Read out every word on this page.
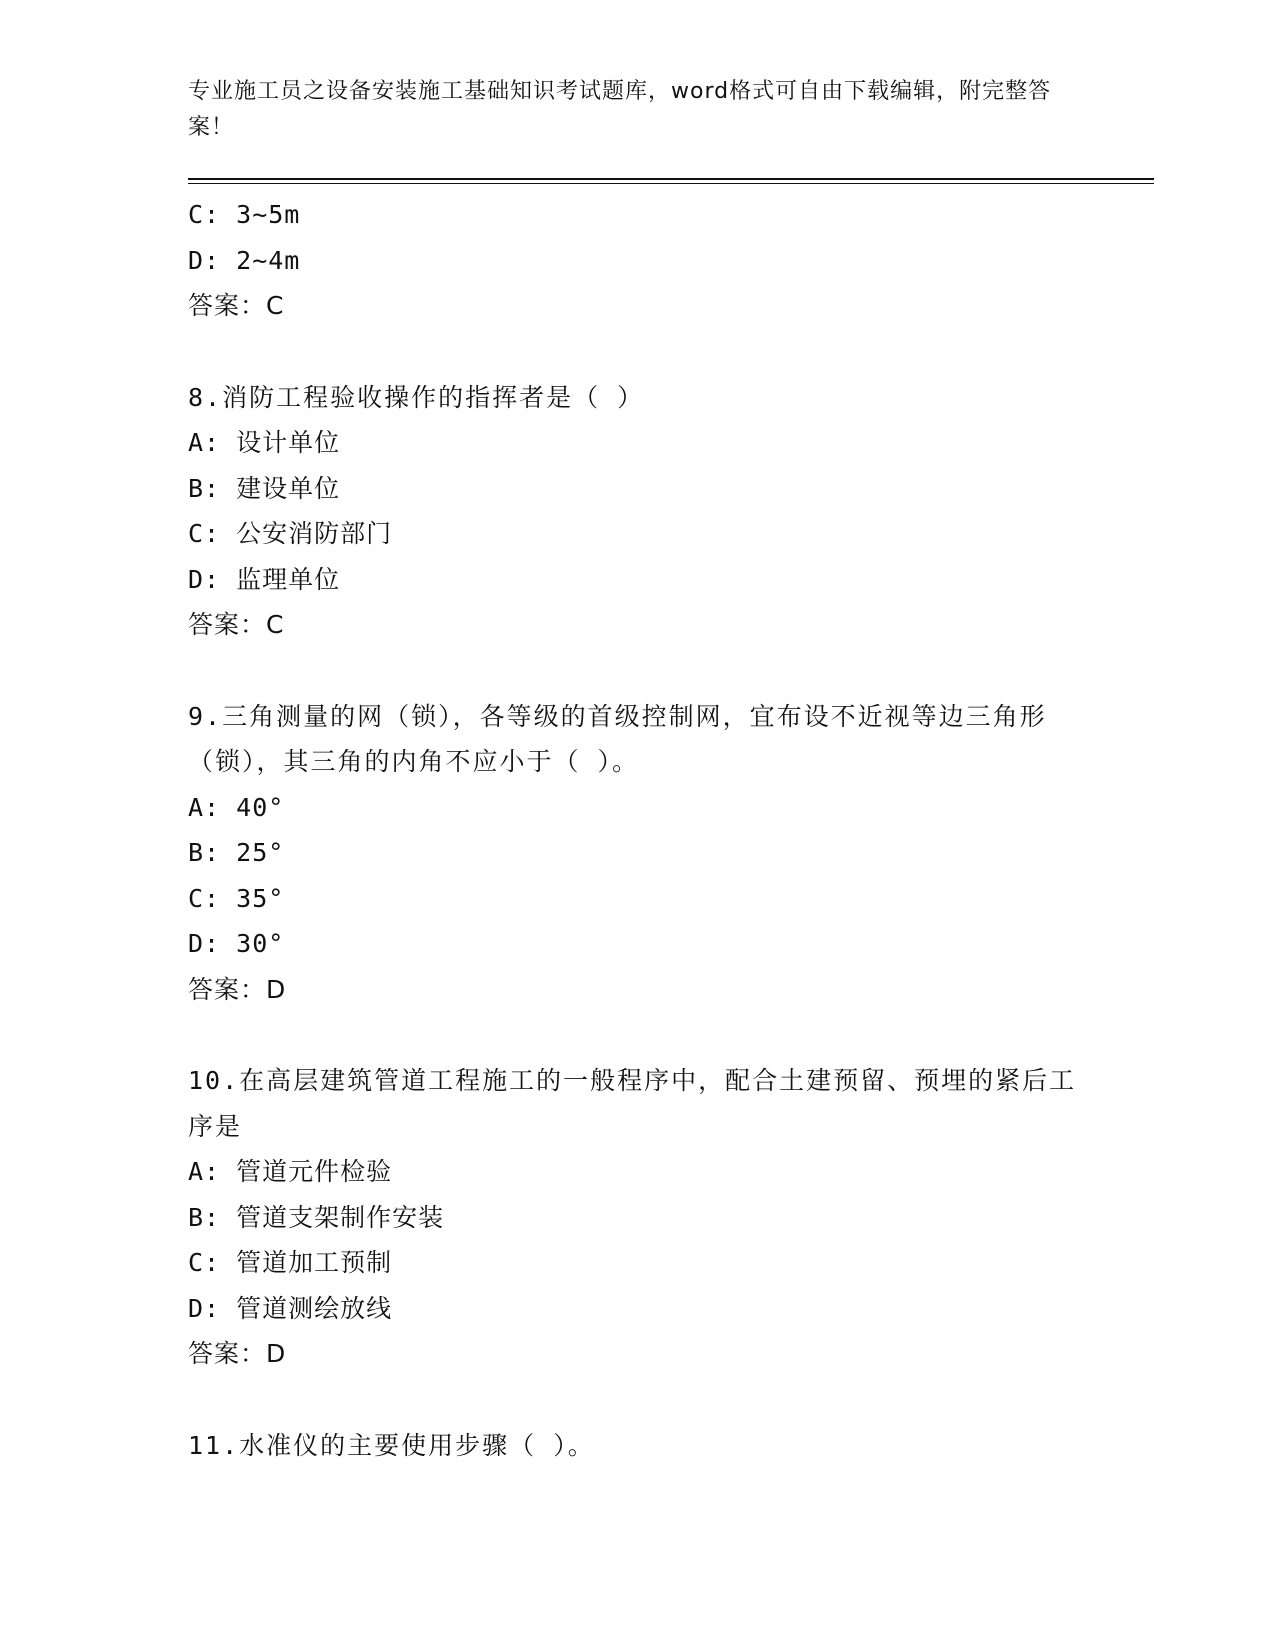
专业施工员之设备安装施工基础知识考试题库，word格式可自由下载编辑，附完整答案！
C: 3~5m
D: 2~4m
答案：C
8.消防工程验收操作的指挥者是（ ）
A: 设计单位
B: 建设单位
C: 公安消防部门
D: 监理单位
答案：C
9.三角测量的网（锁），各等级的首级控制网，宜布设不近视等边三角形（锁），其三角的内角不应小于（ ）。
A: 40°
B: 25°
C: 35°
D: 30°
答案：D
10.在高层建筑管道工程施工的一般程序中，配合土建预留、预埋的紧后工序是
A: 管道元件检验
B: 管道支架制作安装
C: 管道加工预制
D: 管道测绘放线
答案：D
11.水准仪的主要使用步骤（ ）。
